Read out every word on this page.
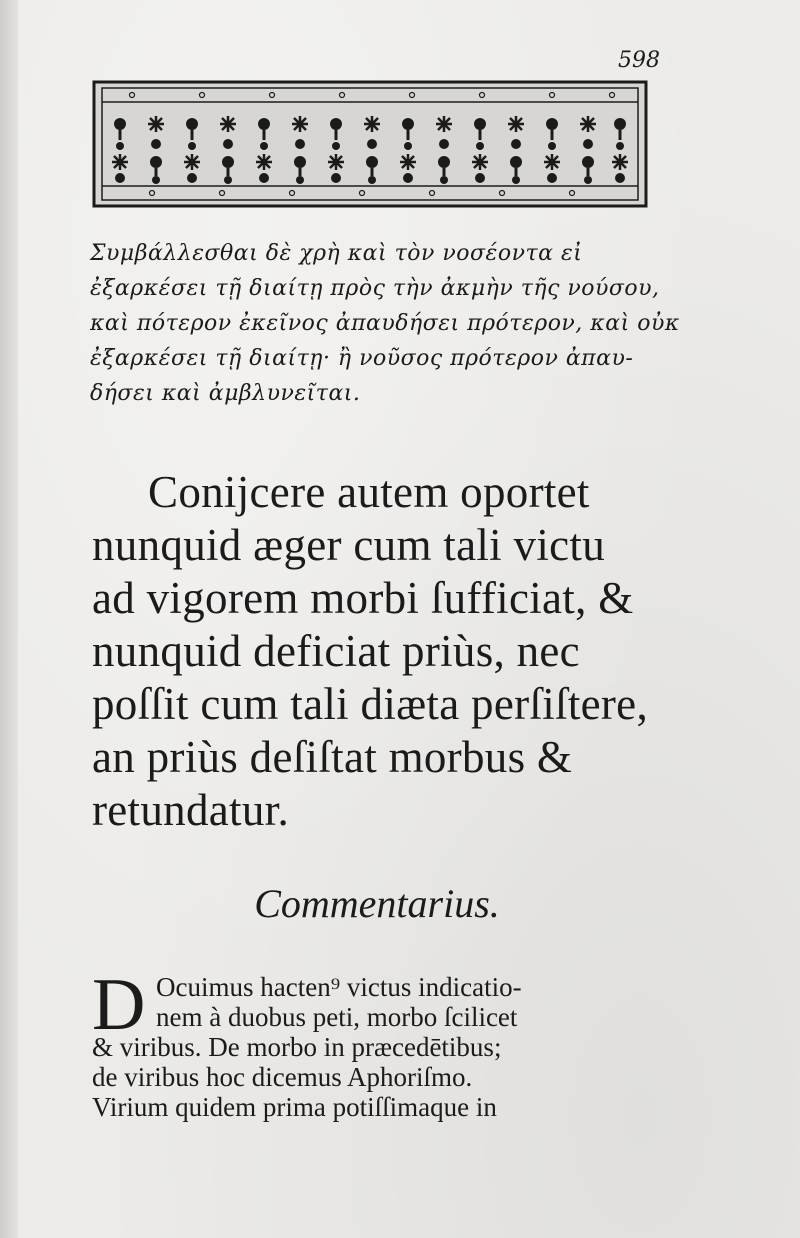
598
Συμβάλλεσθαι δὲ χρὴ καὶ τὸν νοσέοντα εἰ
ἐξαρκέσει τῇ διαίτῃ πρὸς τὴν ἀκμὴν τῆς νούσου,
καὶ πότερον ἐκεῖνος ἀπαυδήσει πρότερον, καὶ οὐκ
ἐξαρκέσει τῇ διαίτῃ· ἢ νοῦσος πρότερον ἀπαυ-
δήσει καὶ ἀμβλυνεῖται.
Conijcere autem oportet
nunquid æger cum tali victu
ad vigorem morbi ſufficiat, &
nunquid deficiat priùs, nec
poſſit cum tali diæta perſiſtere,
an priùs deſiſtat morbus &
retundatur.
Commentarius.
D Ocuimus hacten⁹ victus indicatio-
nem à duobus peti, morbo ſcilicet
& viribus. De morbo in præcedētibus;
de viribus hoc dicemus Aphoriſmo.
Virium quidem prima potiſſimaque in
